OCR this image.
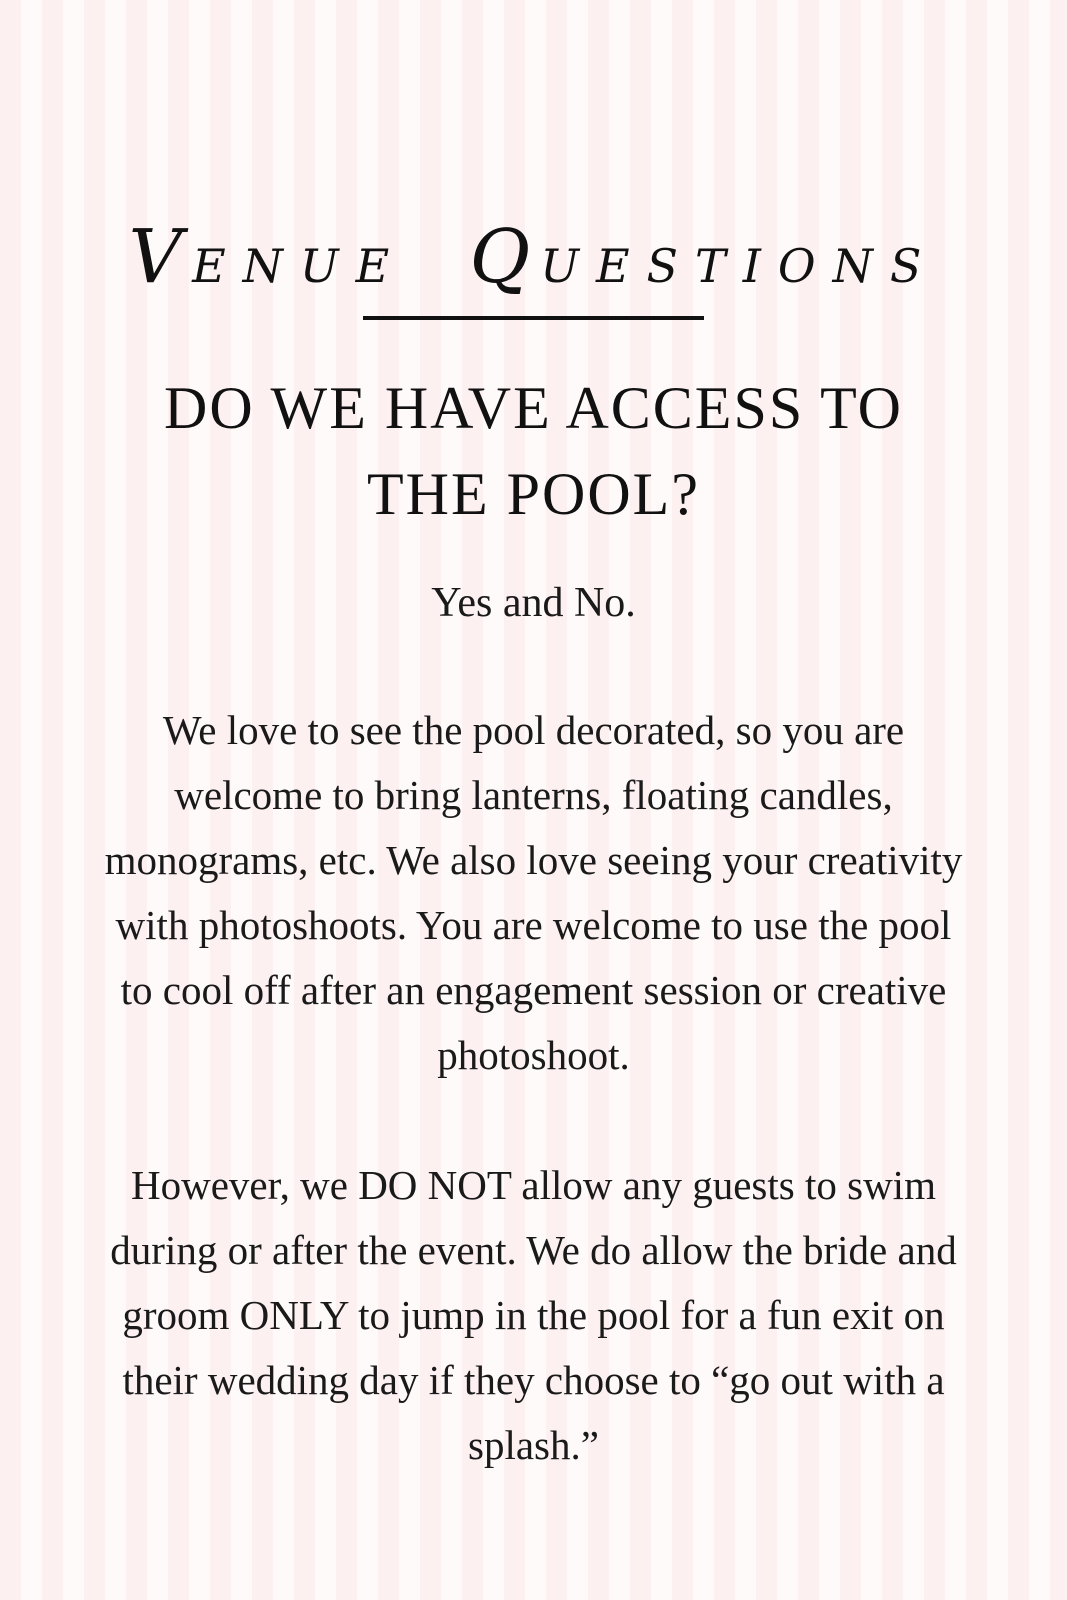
VENUE QUESTIONS
DO WE HAVE ACCESS TO THE POOL?

Yes and No.

We love to see the pool decorated, so you are welcome to bring lanterns, floating candles, monograms, etc. We also love seeing your creativity with photoshoots. You are welcome to use the pool to cool off after an engagement session or creative photoshoot.

However, we DO NOT allow any guests to swim during or after the event. We do allow the bride and groom ONLY to jump in the pool for a fun exit on their wedding day if they choose to “go out with a splash.”
